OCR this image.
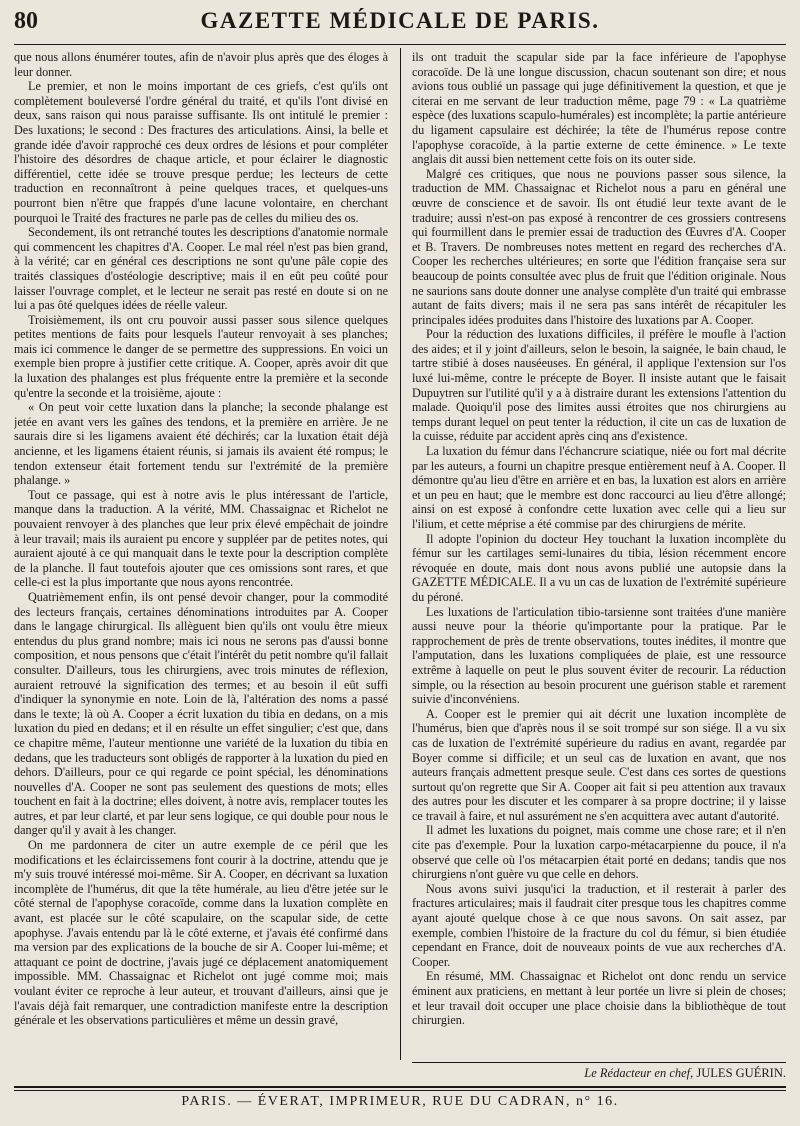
80	GAZETTE MÉDICALE DE PARIS.

que nous allons énumérer toutes, afin de n'avoir plus après que des éloges à leur donner.

Le premier, et non le moins important de ces griefs, c'est qu'ils ont complètement bouleversé l'ordre général du traité, et qu'ils l'ont divisé en deux, sans raison qui nous paraisse suffisante. Ils ont intitulé le premier : Des luxations; le second : Des fractures des articulations. Ainsi, la belle et grande idée d'avoir rapproché ces deux ordres de lésions et pour compléter l'histoire des désordres de chaque article, et pour éclairer le diagnostic différentiel, cette idée se trouve presque perdue; les lecteurs de cette traduction en reconnaîtront à peine quelques traces, et quelques-uns pourront bien n'être que frappés d'une lacune volontaire, en cherchant pourquoi le Traité des fractures ne parle pas de celles du milieu des os.

Secondement, ils ont retranché toutes les descriptions d'anatomie normale qui commencent les chapitres d'A. Cooper. Le mal réel n'est pas bien grand, à la vérité; car en général ces descriptions ne sont qu'une pâle copie des traités classiques d'ostéologie descriptive; mais il en eût peu coûté pour laisser l'ouvrage complet, et le lecteur ne serait pas resté en doute si on ne lui a pas ôté quelques idées de réelle valeur.

Troisièmement, ils ont cru pouvoir aussi passer sous silence quelques petites mentions de faits pour lesquels l'auteur renvoyait à ses planches; mais ici commence le danger de se permettre des suppressions. En voici un exemple bien propre à justifier cette critique. A. Cooper, après avoir dit que la luxation des phalanges est plus fréquente entre la première et la seconde qu'entre la seconde et la troisième, ajoute :

« On peut voir cette luxation dans la planche; la seconde phalange est jetée en avant vers les gaînes des tendons, et la première en arrière. Je ne saurais dire si les ligamens avaient été déchirés; car la luxation était déjà ancienne, et les ligamens étaient réunis, si jamais ils avaient été rompus; le tendon extenseur était fortement tendu sur l'extrémité de la première phalange. »

Tout ce passage, qui est à notre avis le plus intéressant de l'article, manque dans la traduction. A la vérité, MM. Chassaignac et Richelot ne pouvaient renvoyer à des planches que leur prix élevé empêchait de joindre à leur travail; mais ils auraient pu encore y suppléer par de petites notes, qui auraient ajouté à ce qui manquait dans le texte pour la description complète de la planche. Il faut toutefois ajouter que ces omissions sont rares, et que celle-ci est la plus importante que nous ayons rencontrée.

Quatrièmement enfin, ils ont pensé devoir changer, pour la commodité des lecteurs français, certaines dénominations introduites par A. Cooper dans le langage chirurgical. Ils allèguent bien qu'ils ont voulu être mieux entendus du plus grand nombre; mais ici nous ne serons pas d'aussi bonne composition, et nous pensons que c'était l'intérêt du petit nombre qu'il fallait consulter. D'ailleurs, tous les chirurgiens, avec trois minutes de réflexion, auraient retrouvé la signification des termes; et au besoin il eût suffi d'indiquer la synonymie en note. Loin de là, l'altération des noms a passé dans le texte; là où A. Cooper a écrit luxation du tibia en dedans, on a mis luxation du pied en dedans; et il en résulte un effet singulier; c'est que, dans ce chapitre même, l'auteur mentionne une variété de la luxation du tibia en dedans, que les traducteurs sont obligés de rapporter à la luxation du pied en dehors. D'ailleurs, pour ce qui regarde ce point spécial, les dénominations nouvelles d'A. Cooper ne sont pas seulement des questions de mots; elles touchent en fait à la doctrine; elles doivent, à notre avis, remplacer toutes les autres, et par leur clarté, et par leur sens logique, ce qui double pour nous le danger qu'il y avait à les changer.

On me pardonnera de citer un autre exemple de ce péril que les modifications et les éclaircissemens font courir à la doctrine, attendu que je m'y suis trouvé intéressé moi-même. Sir A. Cooper, en décrivant sa luxation incomplète de l'humérus, dit que la tête humérale, au lieu d'être jetée sur le côté sternal de l'apophyse coracoïde, comme dans la luxation complète en avant, est placée sur le côté scapulaire, on the scapular side, de cette apophyse. J'avais entendu par là le côté externe, et j'avais été confirmé dans ma version par des explications de la bouche de sir A. Cooper lui-même; et attaquant ce point de doctrine, j'avais jugé ce déplacement anatomiquement impossible. MM. Chassaignac et Richelot ont jugé comme moi; mais voulant éviter ce reproche à leur auteur, et trouvant d'ailleurs, ainsi que je l'avais déjà fait remarquer, une contradiction manifeste entre la description générale et les observations particulières et même un dessin gravé,

ils ont traduit the scapular side par la face inférieure de l'apophyse coracoïde. De là une longue discussion, chacun soutenant son dire; et nous avions tous oublié un passage qui juge définitivement la question, et que je citerai en me servant de leur traduction même, page 79 : « La quatrième espèce (des luxations scapulo-humérales) est incomplète; la partie antérieure du ligament capsulaire est déchirée; la tête de l'humérus repose contre l'apophyse coracoïde, à la partie externe de cette éminence. » Le texte anglais dit aussi bien nettement cette fois on its outer side.

Malgré ces critiques, que nous ne pouvions passer sous silence, la traduction de MM. Chassaignac et Richelot nous a paru en général une œuvre de conscience et de savoir. Ils ont étudié leur texte avant de le traduire; aussi n'est-on pas exposé à rencontrer de ces grossiers contresens qui fourmillent dans le premier essai de traduction des Œuvres d'A. Cooper et B. Travers. De nombreuses notes mettent en regard des recherches d'A. Cooper les recherches ultérieures; en sorte que l'édition française sera sur beaucoup de points consultée avec plus de fruit que l'édition originale. Nous ne saurions sans doute donner une analyse complète d'un traité qui embrasse autant de faits divers; mais il ne sera pas sans intérêt de récapituler les principales idées produites dans l'histoire des luxations par A. Cooper.

Pour la réduction des luxations difficiles, il préfère le moufle à l'action des aides; et il y joint d'ailleurs, selon le besoin, la saignée, le bain chaud, le tartre stibié à doses nauséeuses. En général, il applique l'extension sur l'os luxé lui-même, contre le précepte de Boyer. Il insiste autant que le faisait Dupuytren sur l'utilité qu'il y a à distraire durant les extensions l'attention du malade. Quoiqu'il pose des limites aussi étroites que nos chirurgiens au temps durant lequel on peut tenter la réduction, il cite un cas de luxation de la cuisse, réduite par accident après cinq ans d'existence.

La luxation du fémur dans l'échancrure sciatique, niée ou fort mal décrite par les auteurs, a fourni un chapitre presque entièrement neuf à A. Cooper. Il démontre qu'au lieu d'être en arrière et en bas, la luxation est alors en arrière et un peu en haut; que le membre est donc raccourci au lieu d'être allongé; ainsi on est exposé à confondre cette luxation avec celle qui a lieu sur l'ilium, et cette méprise a été commise par des chirurgiens de mérite.

Il adopte l'opinion du docteur Hey touchant la luxation incomplète du fémur sur les cartilages semi-lunaires du tibia, lésion récemment encore révoquée en doute, mais dont nous avons publié une autopsie dans la GAZETTE MÉDICALE. Il a vu un cas de luxation de l'extrémité supérieure du péroné.

Les luxations de l'articulation tibio-tarsienne sont traitées d'une manière aussi neuve pour la théorie qu'importante pour la pratique. Par le rapprochement de près de trente observations, toutes inédites, il montre que l'amputation, dans les luxations compliquées de plaie, est une ressource extrême à laquelle on peut le plus souvent éviter de recourir. La réduction simple, ou la résection au besoin procurent une guérison stable et rarement suivie d'inconvéniens.

A. Cooper est le premier qui ait décrit une luxation incomplète de l'humérus, bien que d'après nous il se soit trompé sur son siége. Il a vu six cas de luxation de l'extrémité supérieure du radius en avant, regardée par Boyer comme si difficile; et un seul cas de luxation en avant, que nos auteurs français admettent presque seule. C'est dans ces sortes de questions surtout qu'on regrette que Sir A. Cooper ait fait si peu attention aux travaux des autres pour les discuter et les comparer à sa propre doctrine; il y laisse ce travail à faire, et nul assurément ne s'en acquittera avec autant d'autorité.

Il admet les luxations du poignet, mais comme une chose rare; et il n'en cite pas d'exemple. Pour la luxation carpo-métacarpienne du pouce, il n'a observé que celle où l'os métacarpien était porté en dedans; tandis que nos chirurgiens n'ont guère vu que celle en dehors.

Nous avons suivi jusqu'ici la traduction, et il resterait à parler des fractures articulaires; mais il faudrait citer presque tous les chapitres comme ayant ajouté quelque chose à ce que nous savons. On sait assez, par exemple, combien l'histoire de la fracture du col du fémur, si bien étudiée cependant en France, doit de nouveaux points de vue aux recherches d'A. Cooper.

En résumé, MM. Chassaignac et Richelot ont donc rendu un service éminent aux praticiens, en mettant à leur portée un livre si plein de choses; et leur travail doit occuper une place choisie dans la bibliothèque de tout chirurgien.

Le Rédacteur en chef, JULES GUÉRIN.
PARIS. — ÉVERAT, IMPRIMEUR, RUE DU CADRAN, n° 16.
